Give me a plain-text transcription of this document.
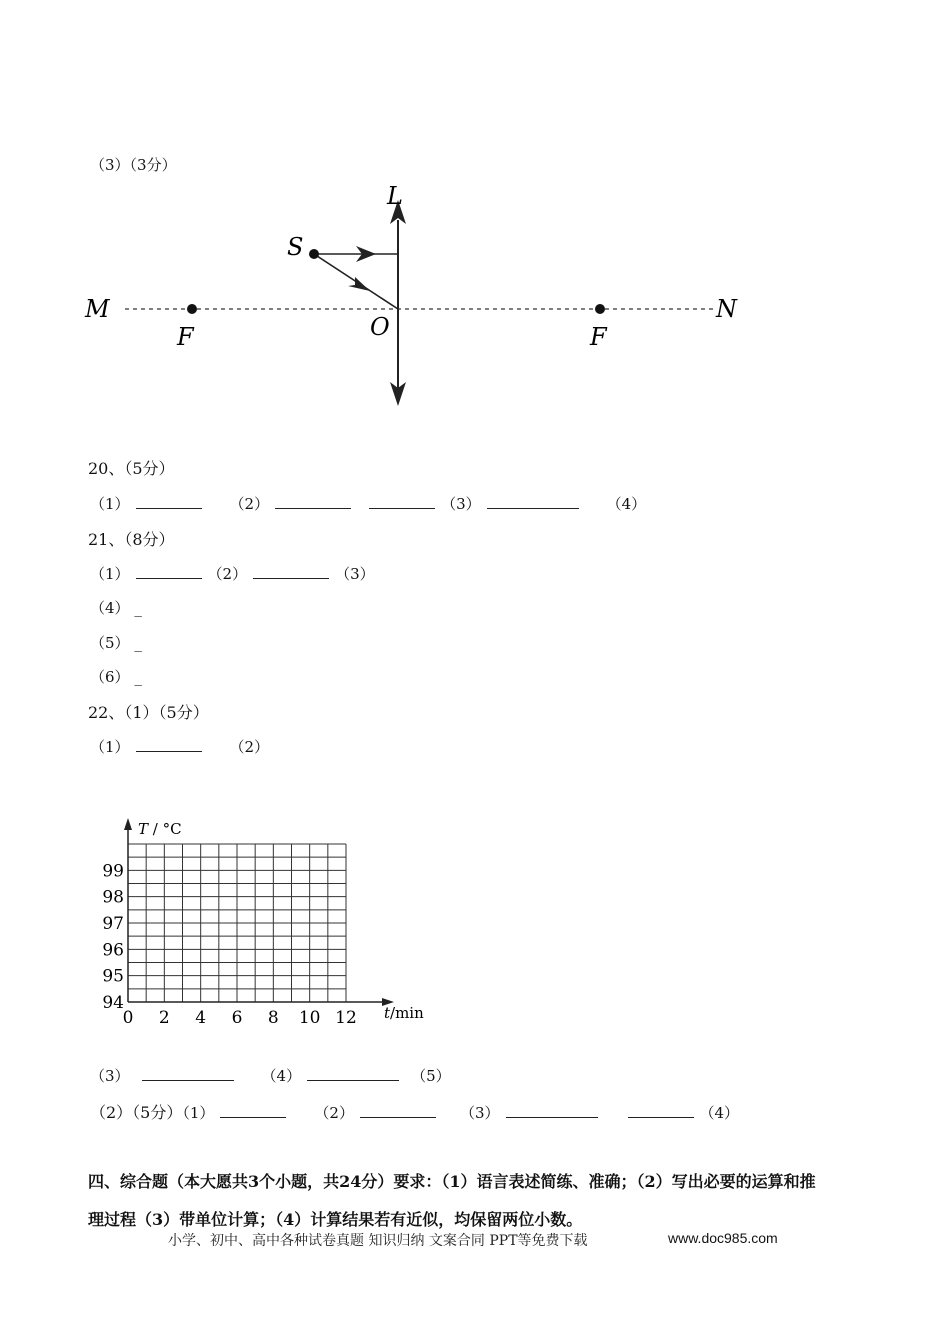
（3）（3分）
L
S
M	N
O
F	F
20、（5分）
（1）	（2）	（3）	（4）
21、（8分）
（1）	（2）	（3）
（4） _
（5） _
（6） _
22、（1）（5分）
（1）	（2）
T / °C
t/min
94
95
96
97
98
99
0 2 4 6 8 10 12
（3）	（4）	（5）
（2）（5分）（1）	（2）	（3）	（4）
四、综合题（本大愿共3个小题，共24分）要求：（1）语言表述简练、准确；（2）写出必要的运算和推
理过程（3）带单位计算；（4）计算结果若有近似，均保留两位小数。
小学、初中、高中各种试卷真题 知识归纳 文案合同 PPT等免费下载	www.doc985.com
